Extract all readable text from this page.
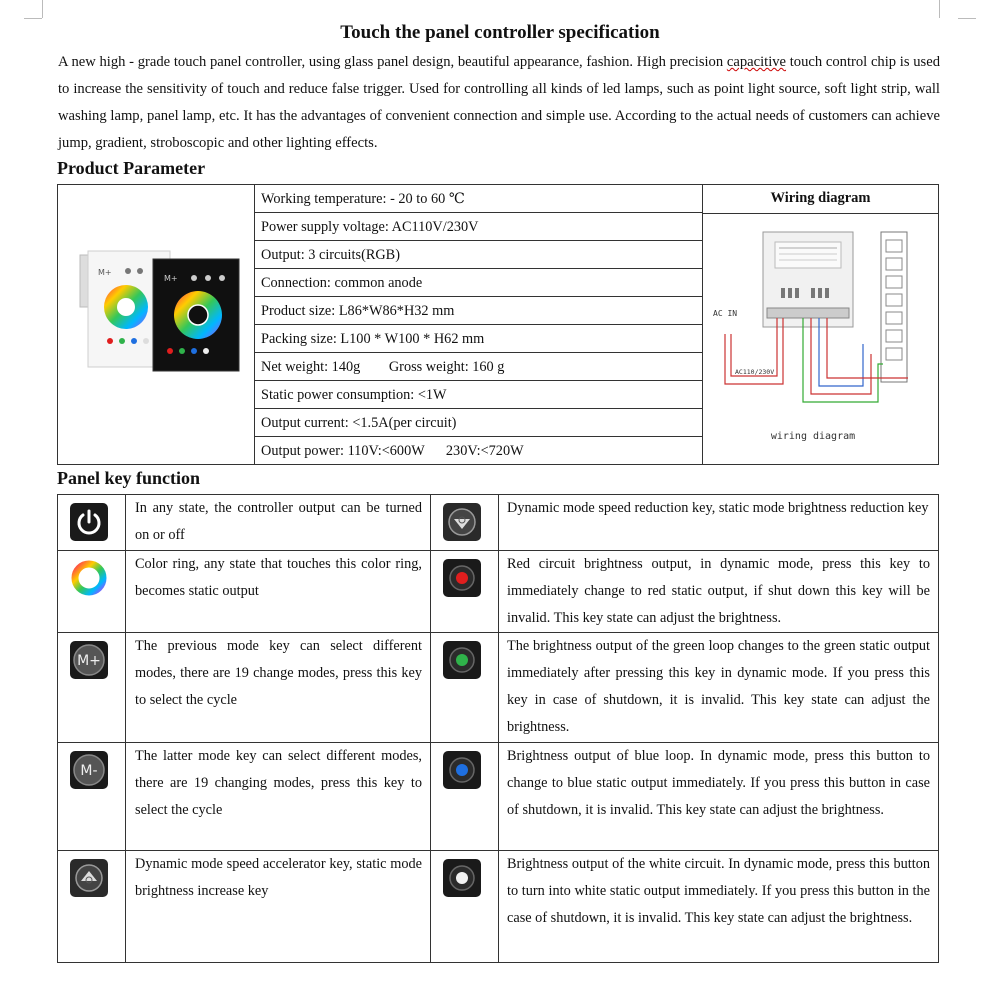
Touch the panel controller specification

A new high - grade touch panel controller, using glass panel design, beautiful appearance, fashion. High precision capacitive touch control chip is used to increase the sensitivity of touch and reduce false trigger. Used for controlling all kinds of led lamps, such as point light source, soft light strip, wall washing lamp, panel lamp, etc. It has the advantages of convenient connection and simple use. According to the actual needs of customers can achieve jump, gradient, stroboscopic and other lighting effects.

Product Parameter
M+
M+
Working temperature: - 20 to 60 ℃
Power supply voltage: AC110V/230V
Output: 3 circuits(RGB)
Connection: common anode
Product size: L86*W86*H32 mm
Packing size: L100 * W100 * H62 mm
Net weight: 140g        Gross weight: 160 g
Static power consumption: <1W
Output current: <1.5A(per circuit)
Output power: 110V:<600W      230V:<720W
Wiring diagram
AC IN
AC110/230V
wiring diagram
Panel key function

In any state, the controller output can be turned on or off

Dynamic mode speed reduction key, static mode brightness reduction key

Color ring, any state that touches this color ring, becomes static output

Red circuit brightness output, in dynamic mode, press this key to immediately change to red static output, if shut down this key will be invalid. This key state can adjust the brightness.

M+

The previous mode key can select different modes, there are 19 change modes, press this key to select the cycle

The brightness output of the green loop changes to the green static output immediately after pressing this key in dynamic mode. If you press this key in case of shutdown, it is invalid. This key state can adjust the brightness.

M-

The latter mode key can select different modes, there are 19 changing modes, press this key to select the cycle

Brightness output of blue loop. In dynamic mode, press this button to change to blue static output immediately. If you press this button in case of shutdown, it is invalid. This key state can adjust the brightness.

Dynamic mode speed accelerator key, static mode brightness increase key

Brightness output of the white circuit. In dynamic mode, press this button to turn into white static output immediately. If you press this button in the case of shutdown, it is invalid. This key state can adjust the brightness.
